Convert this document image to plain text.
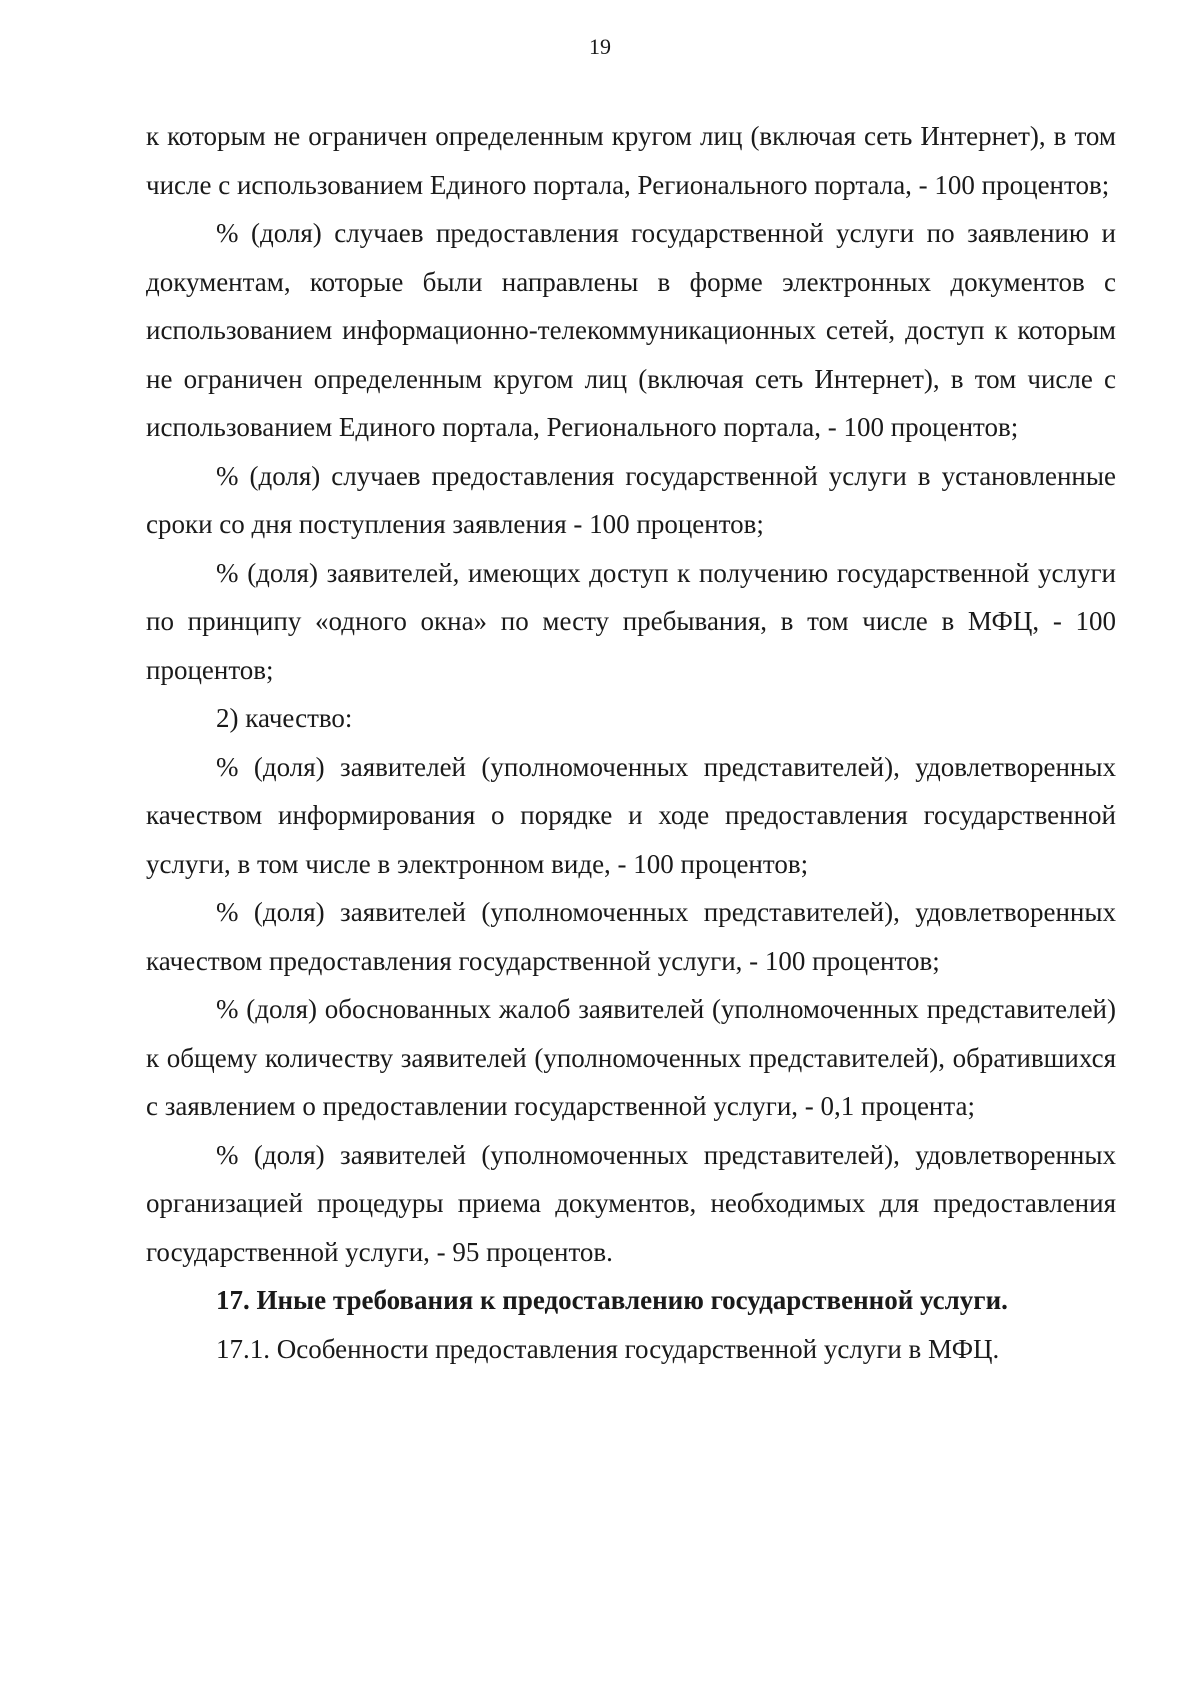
19

к которым не ограничен определенным кругом лиц (включая сеть Интернет), в том числе с использованием Единого портала, Регионального портала, - 100 процентов;

% (доля) случаев предоставления государственной услуги по заявлению и документам, которые были направлены в форме электронных документов с использованием информационно-телекоммуникационных сетей, доступ к которым не ограничен определенным кругом лиц (включая сеть Интернет), в том числе с использованием Единого портала, Регионального портала, - 100 процентов;

% (доля) случаев предоставления государственной услуги в установленные сроки со дня поступления заявления - 100 процентов;

% (доля) заявителей, имеющих доступ к получению государственной услуги по принципу «одного окна» по месту пребывания, в том числе в МФЦ, - 100 процентов;

2) качество:

% (доля) заявителей (уполномоченных представителей), удовлетворенных качеством информирования о порядке и ходе предоставления государственной услуги, в том числе в электронном виде, - 100 процентов;

% (доля) заявителей (уполномоченных представителей), удовлетворенных качеством предоставления государственной услуги, - 100 процентов;

% (доля) обоснованных жалоб заявителей (уполномоченных представителей) к общему количеству заявителей (уполномоченных представителей), обратившихся с заявлением о предоставлении государственной услуги, - 0,1 процента;

% (доля) заявителей (уполномоченных представителей), удовлетворенных организацией процедуры приема документов, необходимых для предоставления государственной услуги, - 95 процентов.

17. Иные требования к предоставлению государственной услуги.

17.1. Особенности предоставления государственной услуги в МФЦ.
